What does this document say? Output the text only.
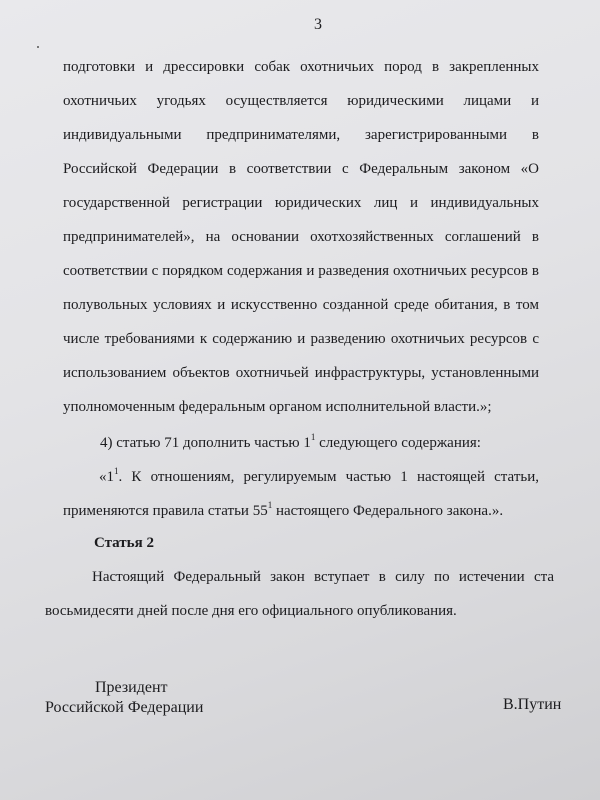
3
подготовки и дрессировки собак охотничьих пород в закрепленных
охотничьих угодьях осуществляется юридическими лицами и
индивидуальными предпринимателями, зарегистрированными в
Российской Федерации в соответствии с Федеральным законом «О
государственной регистрации юридических лиц и индивидуальных
предпринимателей», на основании охотхозяйственных соглашений в
соответствии с порядком содержания и разведения охотничьих ресурсов в
полувольных условиях и искусственно созданной среде обитания, в том
числе требованиями к содержанию и разведению охотничьих ресурсов с
использованием объектов охотничьей инфраструктуры, установленными
уполномоченным федеральным органом исполнительной власти.»;
4) статью 71 дополнить частью $1^1$ следующего содержания:
«$1^1$. К отношениям, регулируемым частью 1 настоящей статьи,
применяются правила статьи $55^1$ настоящего Федерального закона.».
Статья 2
Настоящий Федеральный закон вступает в силу по истечении ста
восьмидесяти дней после дня его официального опубликования.
Президент
Российской Федерации	В.Путин
